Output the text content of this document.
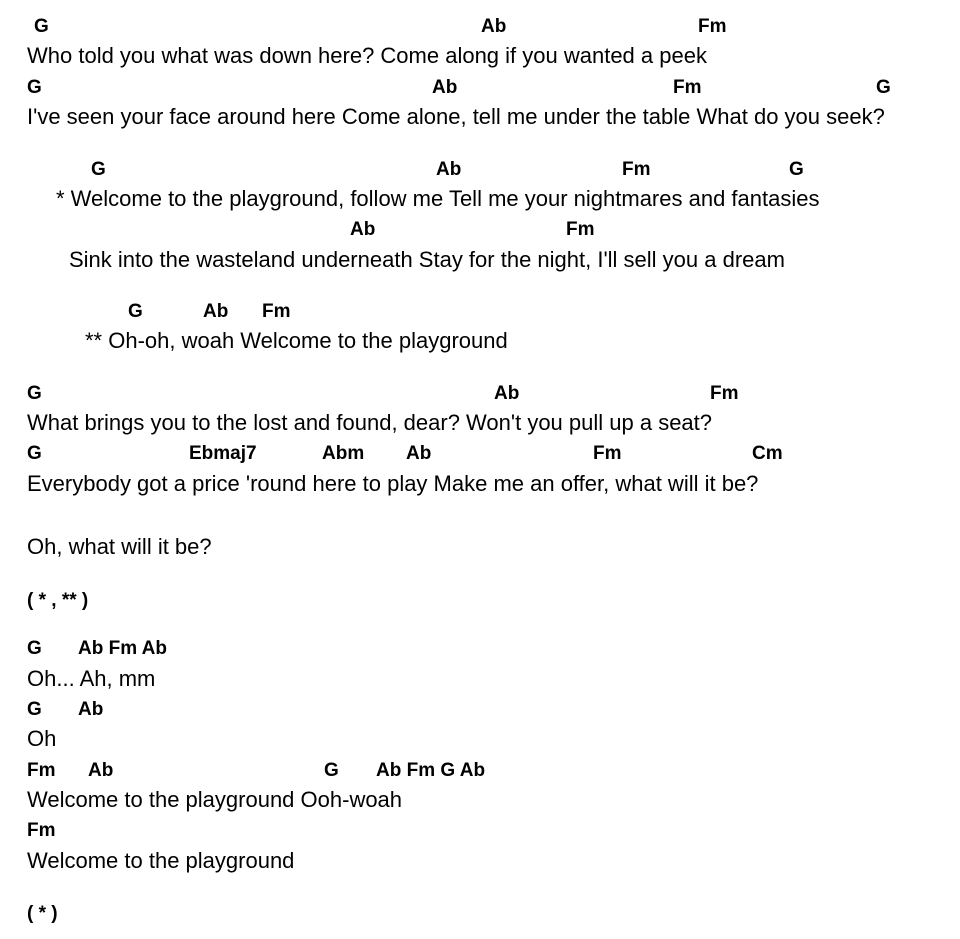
G	Ab	Fm
Who told you what was down here? Come along if you wanted a peek
G	Ab	Fm	G
I've seen your face around here Come alone, tell me under the table What do you seek?
G	Ab	Fm	G
* Welcome to the playground, follow me Tell me your nightmares and fantasies
Ab	Fm
Sink into the wasteland underneath Stay for the night, I'll sell you a dream
G	Ab Fm
** Oh-oh, woah Welcome to the playground
G	Ab	Fm
What brings you to the lost and found, dear? Won't you pull up a seat?
G	Ebmaj7	Abm Ab	Fm	Cm
Everybody got a price 'round here to play Make me an offer, what will it be?
Oh, what will it be?
( * , ** )
G Ab Fm Ab
Oh... Ah, mm
G Ab
Oh
Fm Ab	G Ab Fm G Ab
Welcome to the playground Ooh-woah
Fm
Welcome to the playground
( * )
